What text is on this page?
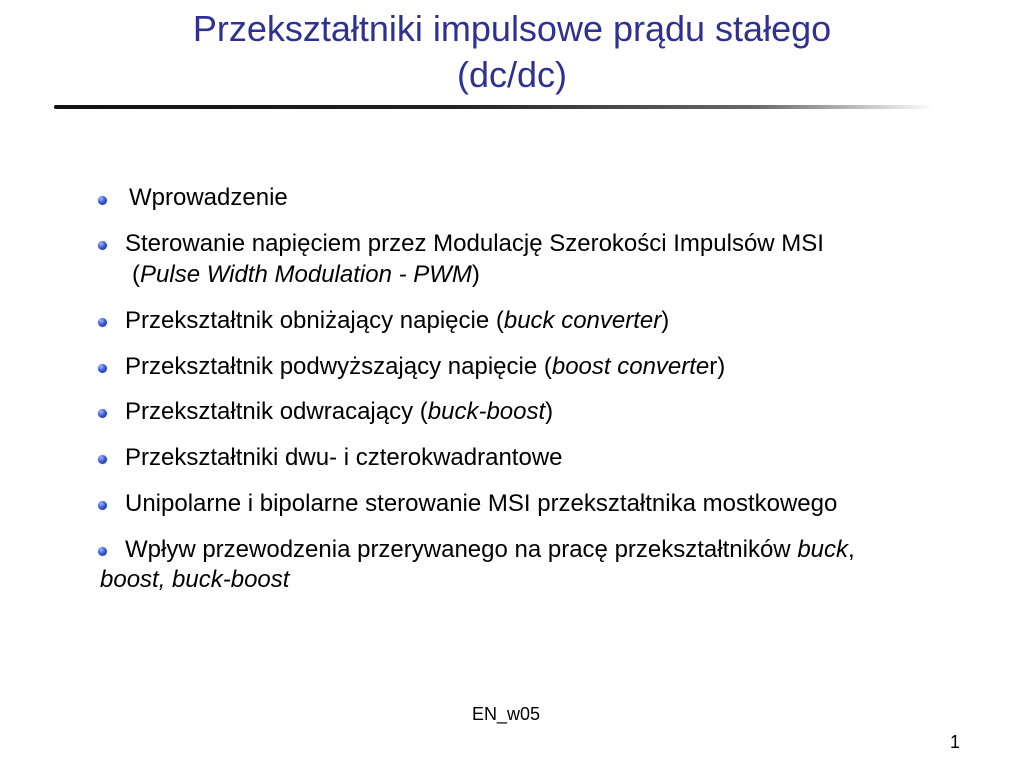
Przekształtniki impulsowe prądu stałego
(dc/dc)
Wprowadzenie
Sterowanie napięciem przez Modulację Szerokości Impulsów MSI
(Pulse Width Modulation - PWM)
Przekształtnik obniżający napięcie (buck converter)
Przekształtnik podwyższający napięcie (boost converter)
Przekształtnik odwracający (buck-boost)
Przekształtniki dwu- i czterokwadrantowe
Unipolarne i bipolarne sterowanie MSI przekształtnika mostkowego
Wpływ przewodzenia przerywanego na pracę przekształtników buck,
boost, buck-boost
EN_w05
1
